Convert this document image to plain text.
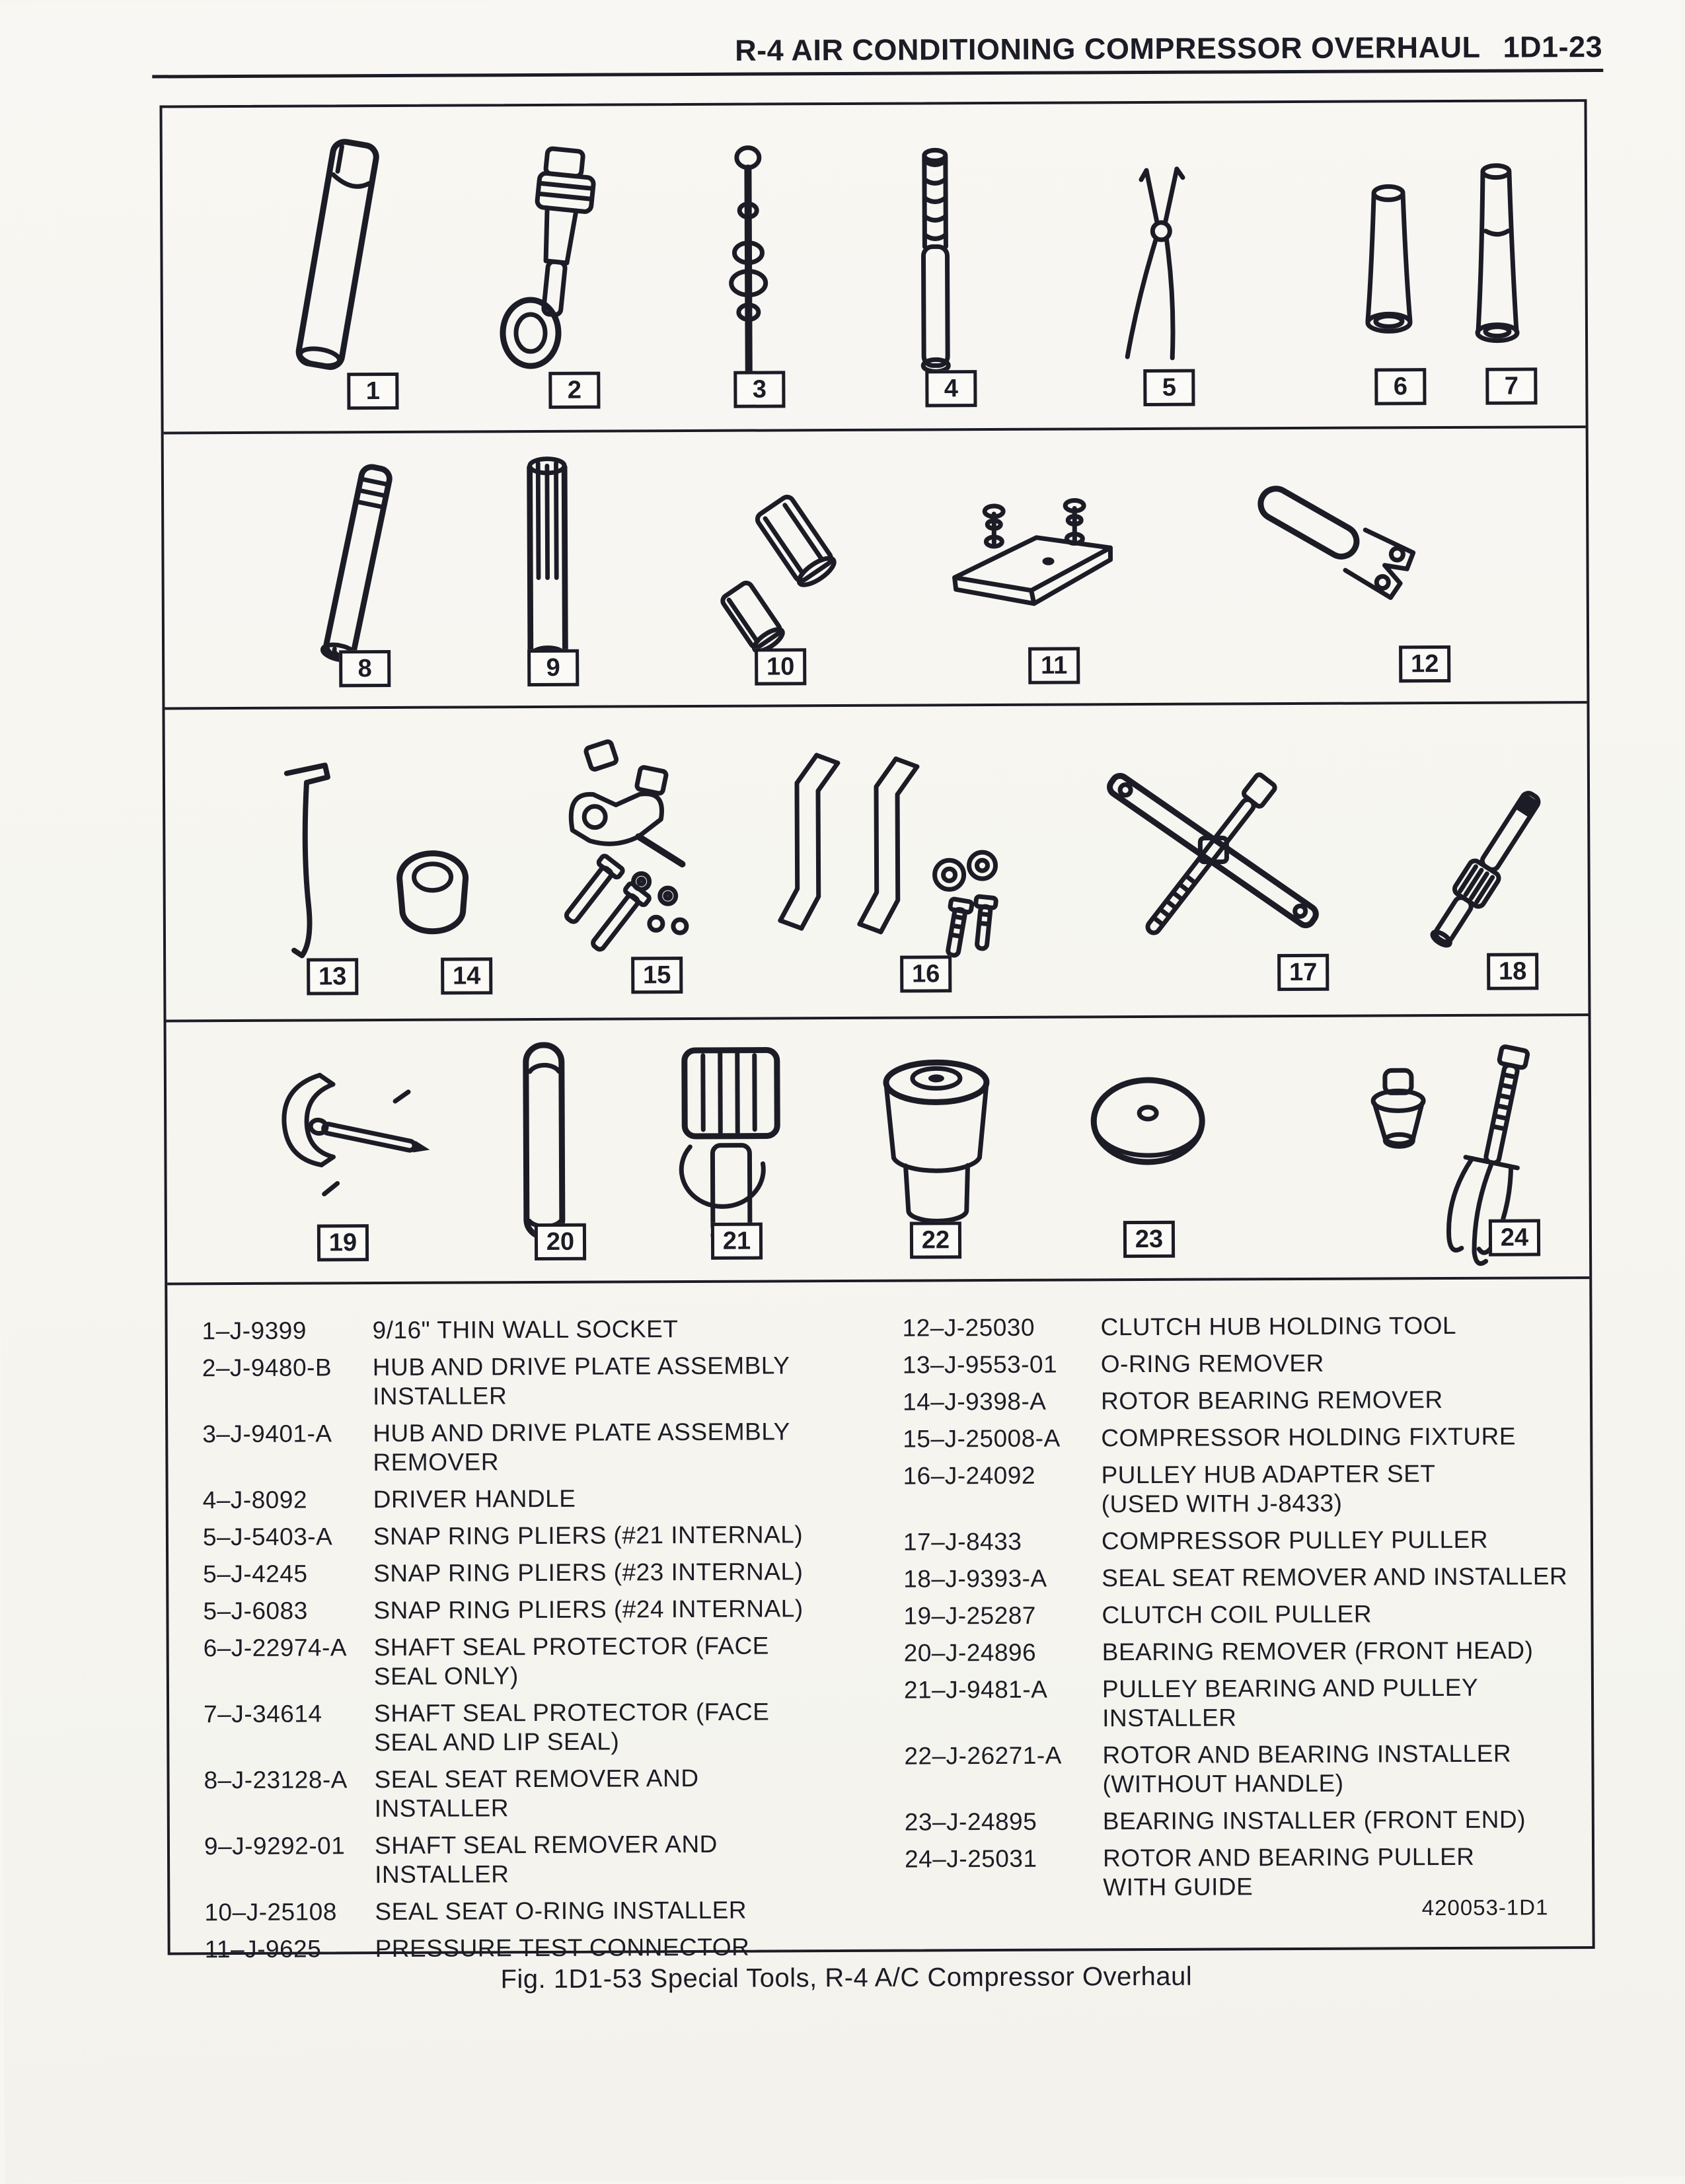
R-4 AIR CONDITIONING COMPRESSOR OVERHAUL 1D1-23
1	2	3	4	5	6	7
8	9	10	11	12
13	14	15	16	17	18
19	20	21	22	23	24
1–J-9399	9/16" THIN WALL SOCKET
2–J-9480-B	HUB AND DRIVE PLATE ASSEMBLY
INSTALLER
3–J-9401-A	HUB AND DRIVE PLATE ASSEMBLY
REMOVER
4–J-8092	DRIVER HANDLE
5–J-5403-A	SNAP RING PLIERS (#21 INTERNAL)
5–J-4245	SNAP RING PLIERS (#23 INTERNAL)
5–J-6083	SNAP RING PLIERS (#24 INTERNAL)
6–J-22974-A	SHAFT SEAL PROTECTOR (FACE
SEAL ONLY)
7–J-34614	SHAFT SEAL PROTECTOR (FACE
SEAL AND LIP SEAL)
8–J-23128-A	SEAL SEAT REMOVER AND
INSTALLER
9–J-9292-01	SHAFT SEAL REMOVER AND
INSTALLER
10–J-25108	SEAL SEAT O-RING INSTALLER
11–J-9625	PRESSURE TEST CONNECTOR
12–J-25030	CLUTCH HUB HOLDING TOOL
13–J-9553-01	O-RING REMOVER
14–J-9398-A	ROTOR BEARING REMOVER
15–J-25008-A	COMPRESSOR HOLDING FIXTURE
16–J-24092	PULLEY HUB ADAPTER SET
(USED WITH J-8433)
17–J-8433	COMPRESSOR PULLEY PULLER
18–J-9393-A	SEAL SEAT REMOVER AND INSTALLER
19–J-25287	CLUTCH COIL PULLER
20–J-24896	BEARING REMOVER (FRONT HEAD)
21–J-9481-A	PULLEY BEARING AND PULLEY
INSTALLER
22–J-26271-A	ROTOR AND BEARING INSTALLER
(WITHOUT HANDLE)
23–J-24895	BEARING INSTALLER (FRONT END)
24–J-25031	ROTOR AND BEARING PULLER
WITH GUIDE
420053-1D1
Fig. 1D1-53 Special Tools, R-4 A/C Compressor Overhaul
